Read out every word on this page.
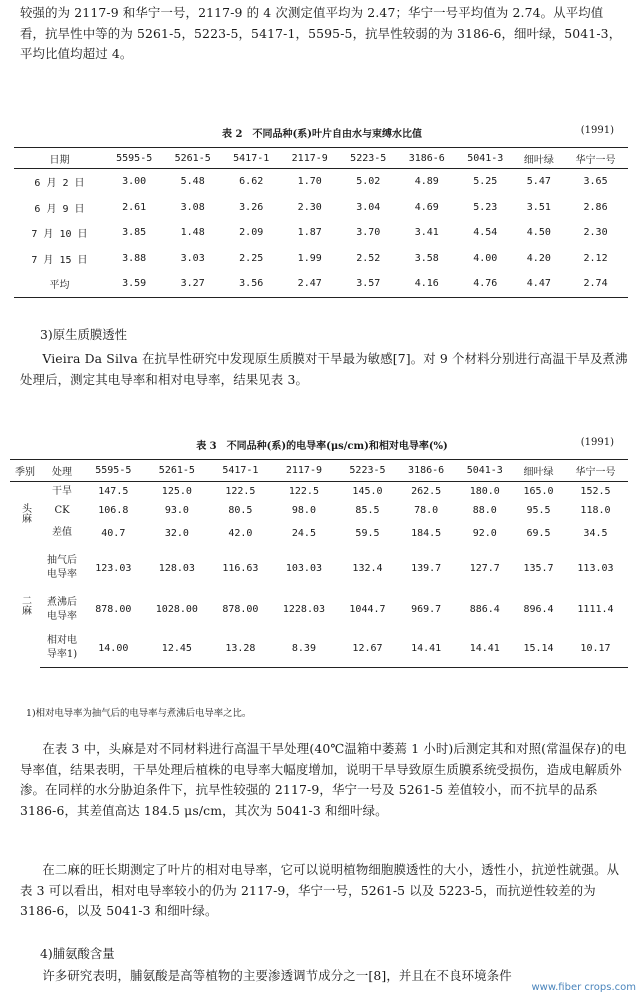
较强的为 2117-9 和华宁一号，2117-9 的 4 次测定值平均为 2.47；华宁一号平均值为 2.74。从平均值看，抗旱性中等的为 5261-5，5223-5，5417-1，5595-5，抗旱性较弱的为 3186-6，细叶绿，5041-3，平均比值均超过 4。

表 2　不同品种(系)叶片自由水与束缚水比值	(1991)
日期	5595-5	5261-5	5417-1	2117-9	5223-5	3186-6	5041-3	细叶绿	华宁一号
6 月 2 日	3.00	5.48	6.62	1.70	5.02	4.89	5.25	5.47	3.65
6 月 9 日	2.61	3.08	3.26	2.30	3.04	4.69	5.23	3.51	2.86
7 月 10 日	3.85	1.48	2.09	1.87	3.70	3.41	4.54	4.50	2.30
7 月 15 日	3.88	3.03	2.25	1.99	2.52	3.58	4.00	4.20	2.12
平均	3.59	3.27	3.56	2.47	3.57	4.16	4.76	4.47	2.74
3)原生质膜透性

Vieira Da Silva 在抗旱性研究中发现原生质膜对干旱最为敏感[7]。对 9 个材料分别进行高温干旱及煮沸处理后，测定其电导率和相对电导率，结果见表 3。

表 3　不同品种(系)的电导率(μs/cm)和相对电导率(%)	(1991)
季别	处理	5595-5	5261-5	5417-1	2117-9	5223-5	3186-6	5041-3	细叶绿	华宁一号
头麻	干旱	147.5	125.0	122.5	122.5	145.0	262.5	180.0	165.0	152.5
	CK	106.8	93.0	80.5	98.0	85.5	78.0	88.0	95.5	118.0
	差值	40.7	32.0	42.0	24.5	59.5	184.5	92.0	69.5	34.5
二麻	抽气后电导率	123.03	128.03	116.63	103.03	132.4	139.7	127.7	135.7	113.03
	煮沸后电导率	878.00	1028.00	878.00	1228.03	1044.7	969.7	886.4	896.4	1111.4
	相对电导率1)	14.00	12.45	13.28	8.39	12.67	14.41	14.41	15.14	10.17
1)相对电导率为抽气后的电导率与煮沸后电导率之比。

在表 3 中，头麻是对不同材料进行高温干旱处理(40℃温箱中萎蔫 1 小时)后测定其和对照(常温保存)的电导率值，结果表明，干旱处理后植株的电导率大幅度增加，说明干旱导致原生质膜系统受损伤，造成电解质外渗。在同样的水分胁迫条件下，抗旱性较强的 2117-9，华宁一号及 5261-5 差值较小，而不抗旱的品系 3186-6，其差值高达 184.5 μs/cm，其次为 5041-3 和细叶绿。

在二麻的旺长期测定了叶片的相对电导率，它可以说明植物细胞膜透性的大小，透性小，抗逆性就强。从表 3 可以看出，相对电导率较小的仍为 2117-9，华宁一号，5261-5 以及 5223-5，而抗逆性较差的为 3186-6，以及 5041-3 和细叶绿。

4)脯氨酸含量

许多研究表明，脯氨酸是高等植物的主要渗透调节成分之一[8]，并且在不良环境条件

www.fiber crops.com
